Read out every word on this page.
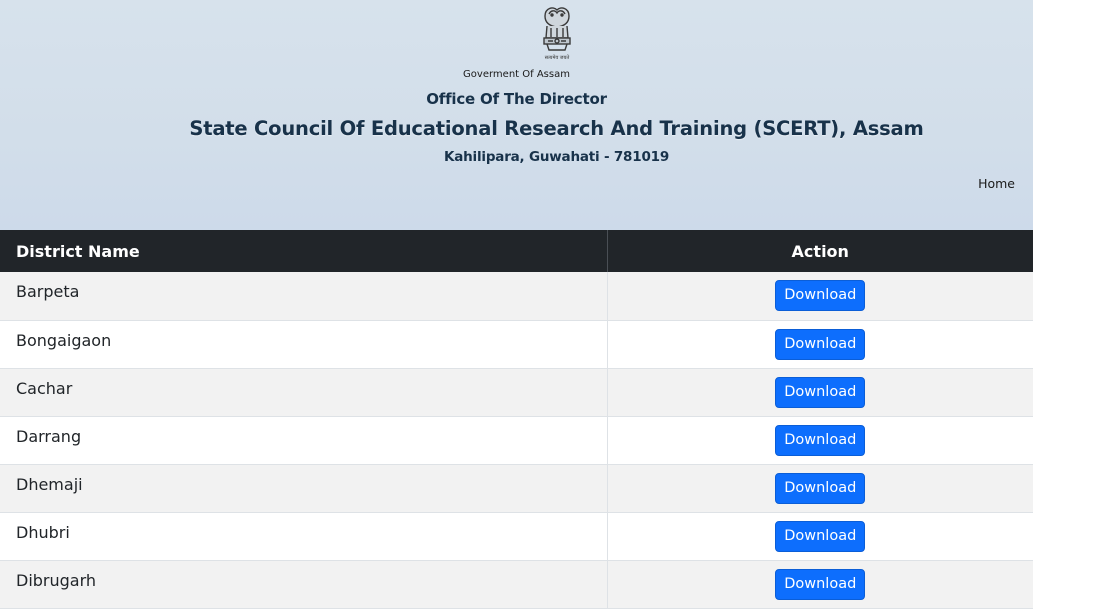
सत्यमेव जयते
Goverment Of Assam
Office Of The Director
State Council Of Educational Research And Training (SCERT), Assam
Kahilipara, Guwahati - 781019
Home
District Name	Action
Barpeta	Download
Bongaigaon	Download
Cachar	Download
Darrang	Download
Dhemaji	Download
Dhubri	Download
Dibrugarh	Download
